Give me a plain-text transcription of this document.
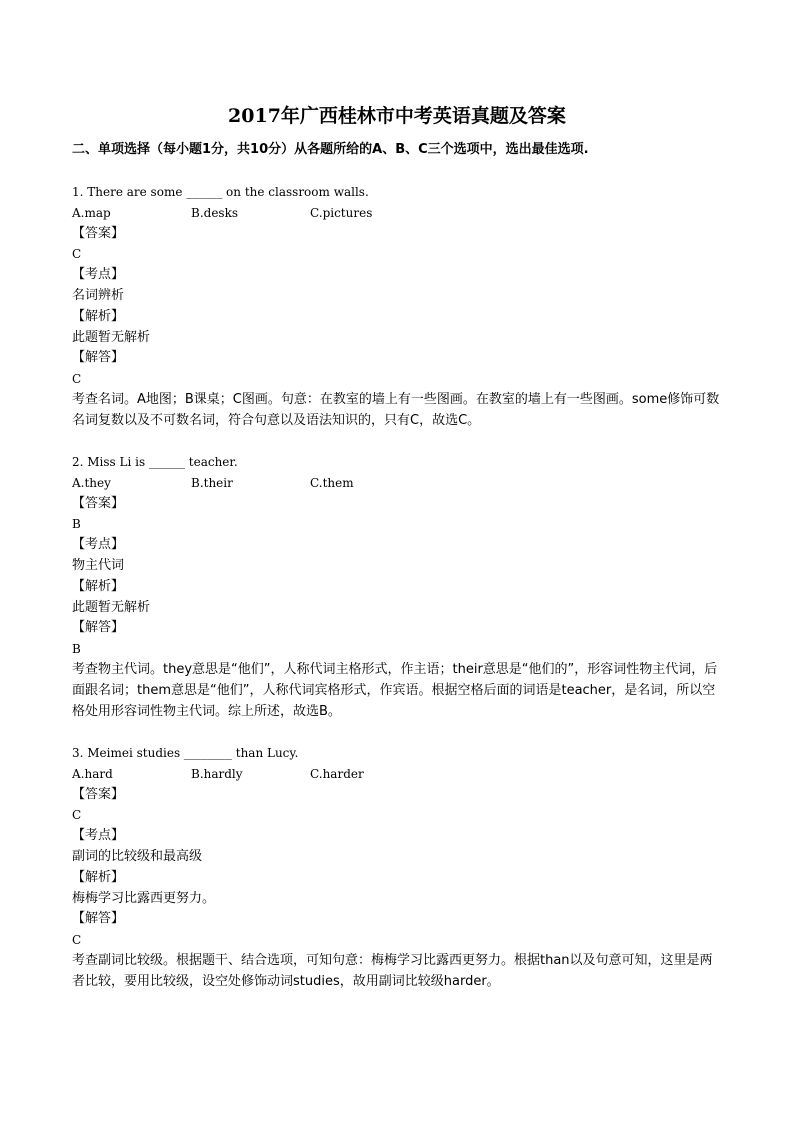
2017年广西桂林市中考英语真题及答案
二、单项选择（每小题1分，共10分）从各题所给的A、B、C三个选项中，选出最佳选项.
1. There are some ______ on the classroom walls.
A.map	B.desks	C.pictures
【答案】
C
【考点】
名词辨析
【解析】
此题暂无解析
【解答】
C
考查名词。A地图；B课桌；C图画。句意：在教室的墙上有一些图画。在教室的墙上有一些图画。some修饰可数名词复数以及不可数名词，符合句意以及语法知识的，只有C，故选C。
2. Miss Li is ______ teacher.
A.they	B.their	C.them
【答案】
B
【考点】
物主代词
【解析】
此题暂无解析
【解答】
B
考查物主代词。they意思是“他们”，人称代词主格形式，作主语；their意思是“他们的”，形容词性物主代词，后面跟名词；them意思是“他们”，人称代词宾格形式，作宾语。根据空格后面的词语是teacher，是名词，所以空格处用形容词性物主代词。综上所述，故选B。
3. Meimei studies ________ than Lucy.
A.hard	B.hardly	C.harder
【答案】
C
【考点】
副词的比较级和最高级
【解析】
梅梅学习比露西更努力。
【解答】
C
考查副词比较级。根据题干、结合选项，可知句意：梅梅学习比露西更努力。根据than以及句意可知，这里是两者比较，要用比较级，设空处修饰动词studies，故用副词比较级harder。
